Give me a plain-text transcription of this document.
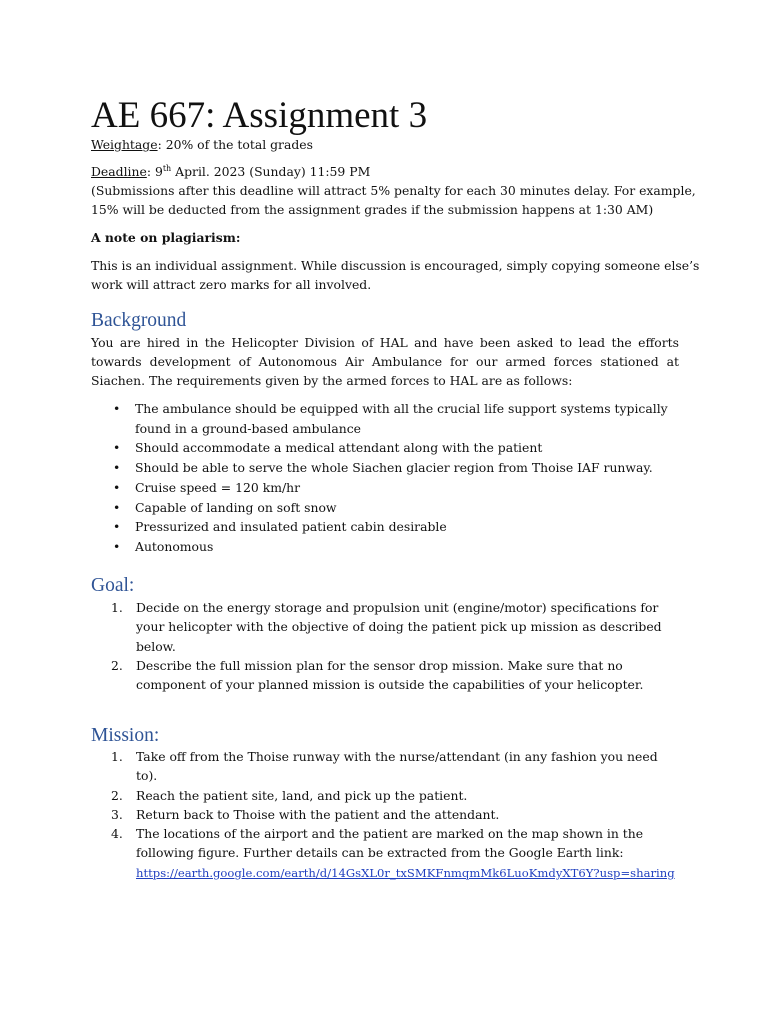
AE 667: Assignment 3
Weightage: 20% of the total grades
Deadline: 9th April. 2023 (Sunday) 11:59 PM
(Submissions after this deadline will attract 5% penalty for each 30 minutes delay. For example,
15% will be deducted from the assignment grades if the submission happens at 1:30 AM)
A note on plagiarism:
This is an individual assignment. While discussion is encouraged, simply copying someone else’s
work will attract zero marks for all involved.
Background

You are hired in the Helicopter Division of HAL and have been asked to lead the efforts towards development of Autonomous Air Ambulance for our armed forces stationed at Siachen. The requirements given by the armed forces to HAL are as follows:

• The ambulance should be equipped with all the crucial life support systems typically found in a ground-based ambulance
• Should accommodate a medical attendant along with the patient
• Should be able to serve the whole Siachen glacier region from Thoise IAF runway.
• Cruise speed = 120 km/hr
• Capable of landing on soft snow
• Pressurized and insulated patient cabin desirable
• Autonomous
Goal:
1. Decide on the energy storage and propulsion unit (engine/motor) specifications for your helicopter with the objective of doing the patient pick up mission as described below.
2. Describe the full mission plan for the sensor drop mission. Make sure that no component of your planned mission is outside the capabilities of your helicopter.
Mission:
1. Take off from the Thoise runway with the nurse/attendant (in any fashion you need to).
2. Reach the patient site, land, and pick up the patient.
3. Return back to Thoise with the patient and the attendant.
4. The locations of the airport and the patient are marked on the map shown in the following figure. Further details can be extracted from the Google Earth link:
https://earth.google.com/earth/d/14GsXL0r_txSMKFnmqmMk6LuoKmdyXT6Y?usp=sharing
